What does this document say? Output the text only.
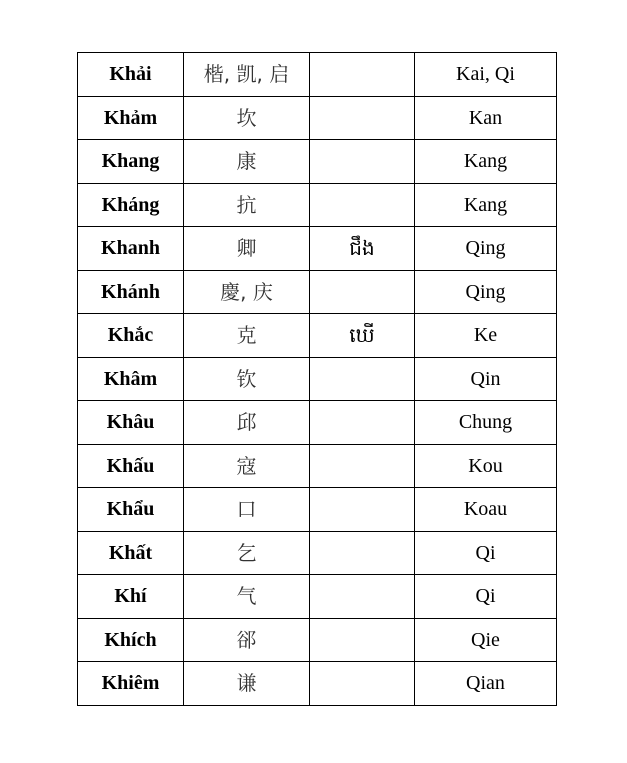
Khải	楷, 凯, 启		Kai, Qi
Khảm	坎		Kan
Khang	康		Kang
Kháng	抗		Kang
Khanh	卿	ជឹង	Qing
Khánh	慶, 庆		Qing
Khắc	克	ឃើ	Ke
Khâm	钦		Qin
Khâu	邱		Chung
Khấu	寇		Kou
Khẩu	口		Koau
Khất	乞		Qi
Khí	气		Qi
Khích	郤		Qie
Khiêm	谦		Qian
